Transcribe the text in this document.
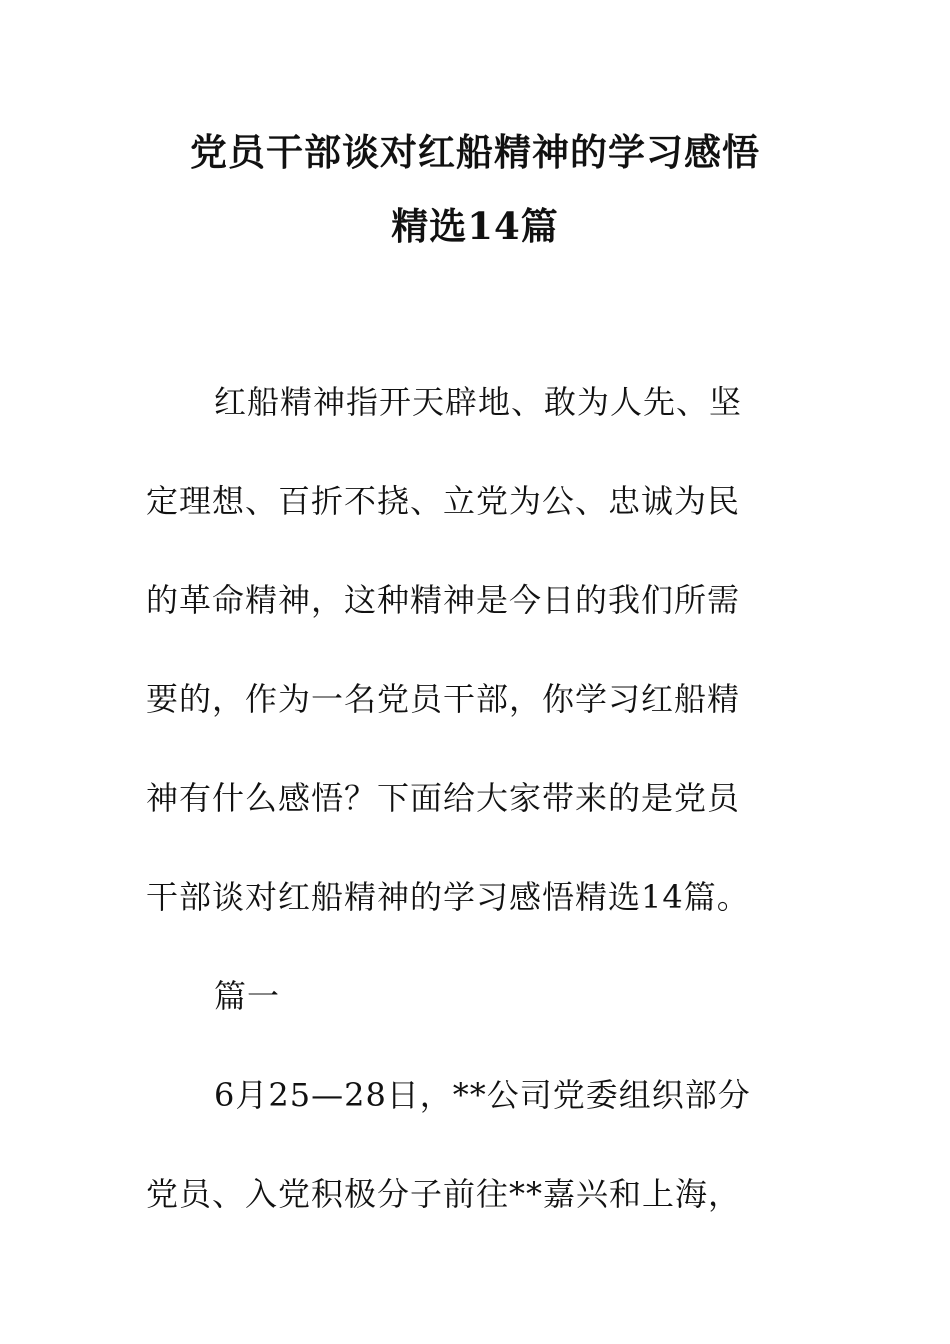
党员干部谈对红船精神的学习感悟
精选14篇
红船精神指开天辟地、敢为人先、坚
定理想、百折不挠、立党为公、忠诚为民
的革命精神，这种精神是今日的我们所需
要的，作为一名党员干部，你学习红船精
神有什么感悟？下面给大家带来的是党员
干部谈对红船精神的学习感悟精选14篇。
篇一
6月25—28日，**公司党委组织部分
党员、入党积极分子前往**嘉兴和上海，
